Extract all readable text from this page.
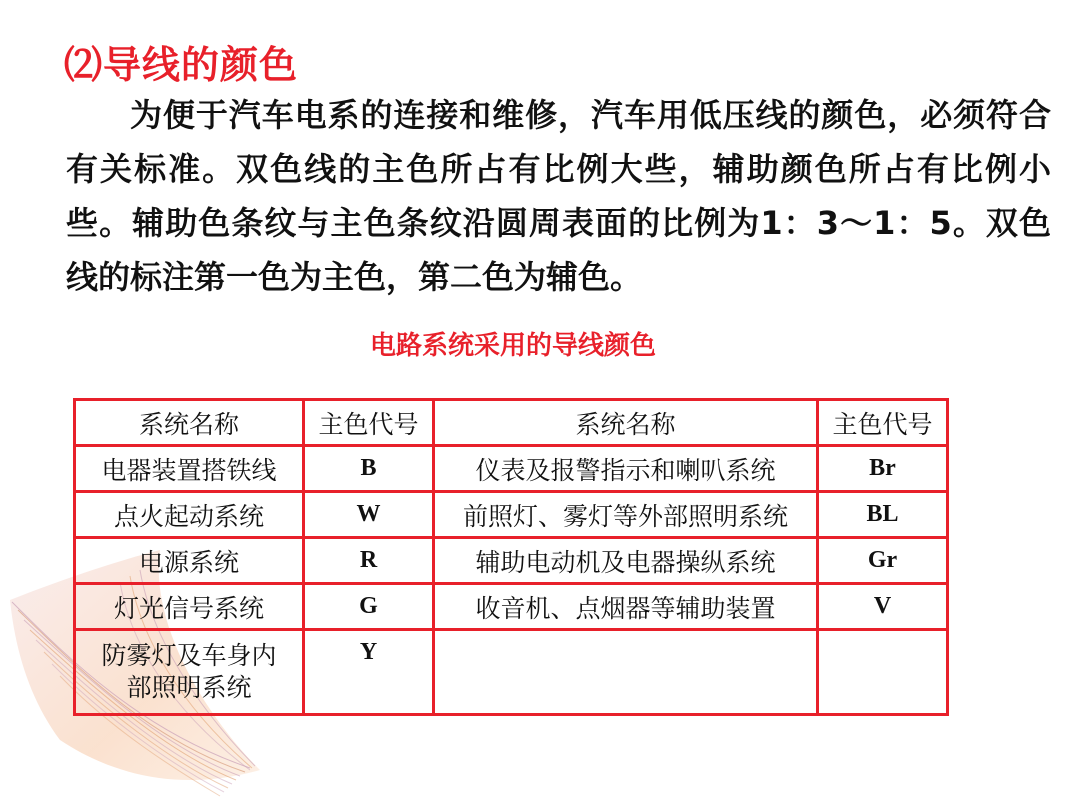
⑵导线的颜色

为便于汽车电系的连接和维修，汽车用低压线的颜色，必须符合有关标准。双色线的主色所占有比例大些，辅助颜色所占有比例小些。辅助色条纹与主色条纹沿圆周表面的比例为1：3～1：5。双色线的标注第一色为主色，第二色为辅色。

电路系统采用的导线颜色
系统名称	主色代号	系统名称	主色代号
电器装置搭铁线	B	仪表及报警指示和喇叭系统	Br
点火起动系统	W	前照灯、雾灯等外部照明系统	BL
电源系统	R	辅助电动机及电器操纵系统	Gr
灯光信号系统	G	收音机、点烟器等辅助装置	V

防雾灯及车身内
部照明系统	Y		
